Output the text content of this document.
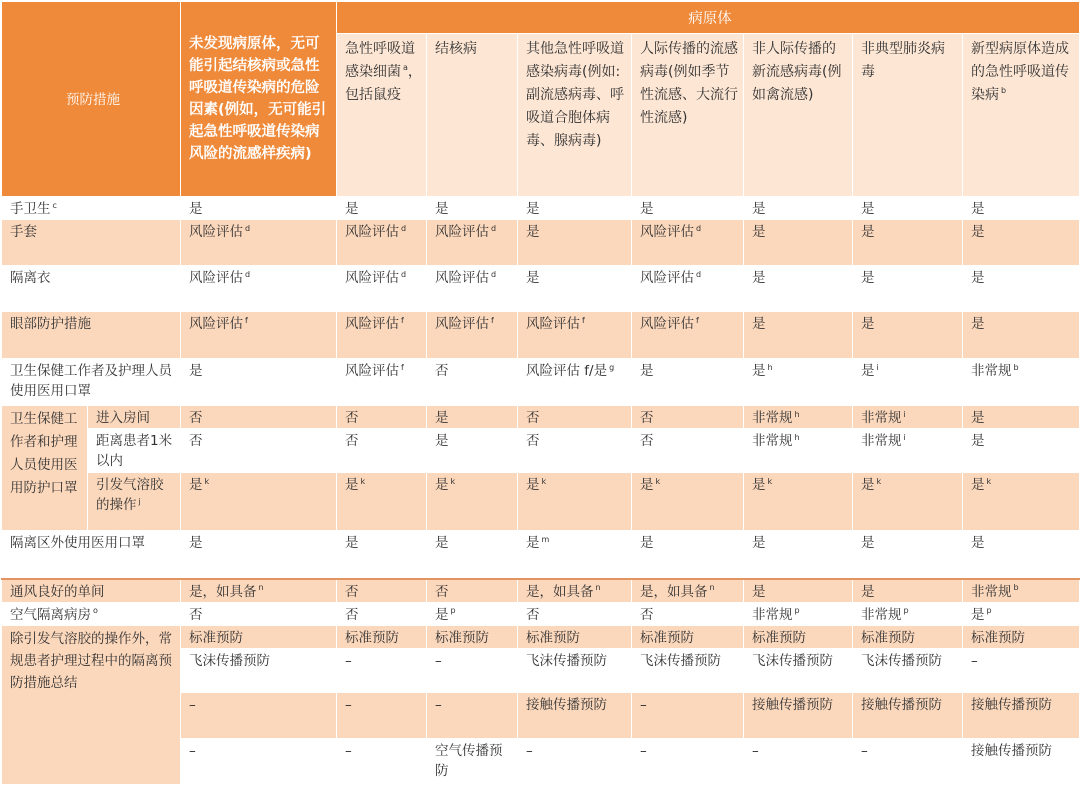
预防措施		未发现病原体，无可能引起结核病或急性呼吸道传染病的危险因素(例如，无可能引起急性呼吸道传染病风险的流感样疾病)	病原体						
			急性呼吸道感染细菌 $^a$，包括鼠疫	结核病	其他急性呼吸道感染病毒(例如:副流感病毒、呼吸道合胞体病毒、腺病毒)	人际传播的流感病毒(例如季节性流感、大流行性流感)	非人际传播的新流感病毒(例如禽流感)	非典型肺炎病毒	新型病原体造成的急性呼吸道传染病 $^b$
手卫生 $^c$		是	是	是	是	是	是	是	是
手套		风险评估 $^d$	风险评估 $^d$	风险评估 $^d$	是	风险评估 $^d$	是	是	是
隔离衣		风险评估 $^d$	风险评估 $^d$	风险评估 $^d$	是	风险评估 $^d$	是	是	是
眼部防护措施		风险评估 $^f$	风险评估 $^f$	风险评估 $^f$	风险评估 $^f$	风险评估 $^f$	是	是	是
卫生保健工作者及护理人员使用医用口罩		是	风险评估 $^f$	否	风险评估 f/是 $^g$	是	是 $^h$	是 $^i$	非常规 $^b$
卫生保健工作者和护理人员使用医用防护口罩	进入房间	否	否	是	否	否	非常规 $^h$	非常规 $^i$	是
	距离患者1米以内	否	否	是	否	否	非常规 $^h$	非常规 $^i$	是
	引发气溶胶的操作 $^j$	是 $^k$	是 $^k$	是 $^k$	是 $^k$	是 $^k$	是 $^k$	是 $^k$	是 $^k$
隔离区外使用医用口罩		是	是	是	是 $^m$	是	是	是	是
通风良好的单间		是，如具备 $^n$	否	否	是，如具备 $^n$	是，如具备 $^n$	是	是	非常规 $^b$
空气隔离病房 $^o$		否	否	是 $^p$	否	否	非常规 $^p$	非常规 $^p$	是 $^p$
除引发气溶胶的操作外，常规患者护理过程中的隔离预防措施总结		标准预防	标准预防	标准预防	标准预防	标准预防	标准预防	标准预防	标准预防
		飞沫传播预防	–	–	飞沫传播预防	飞沫传播预防	飞沫传播预防	飞沫传播预防	–
		–	–	–	接触传播预防	–	接触传播预防	接触传播预防	接触传播预防
		–	–	空气传播预防	–	–	–	–	接触传播预防
